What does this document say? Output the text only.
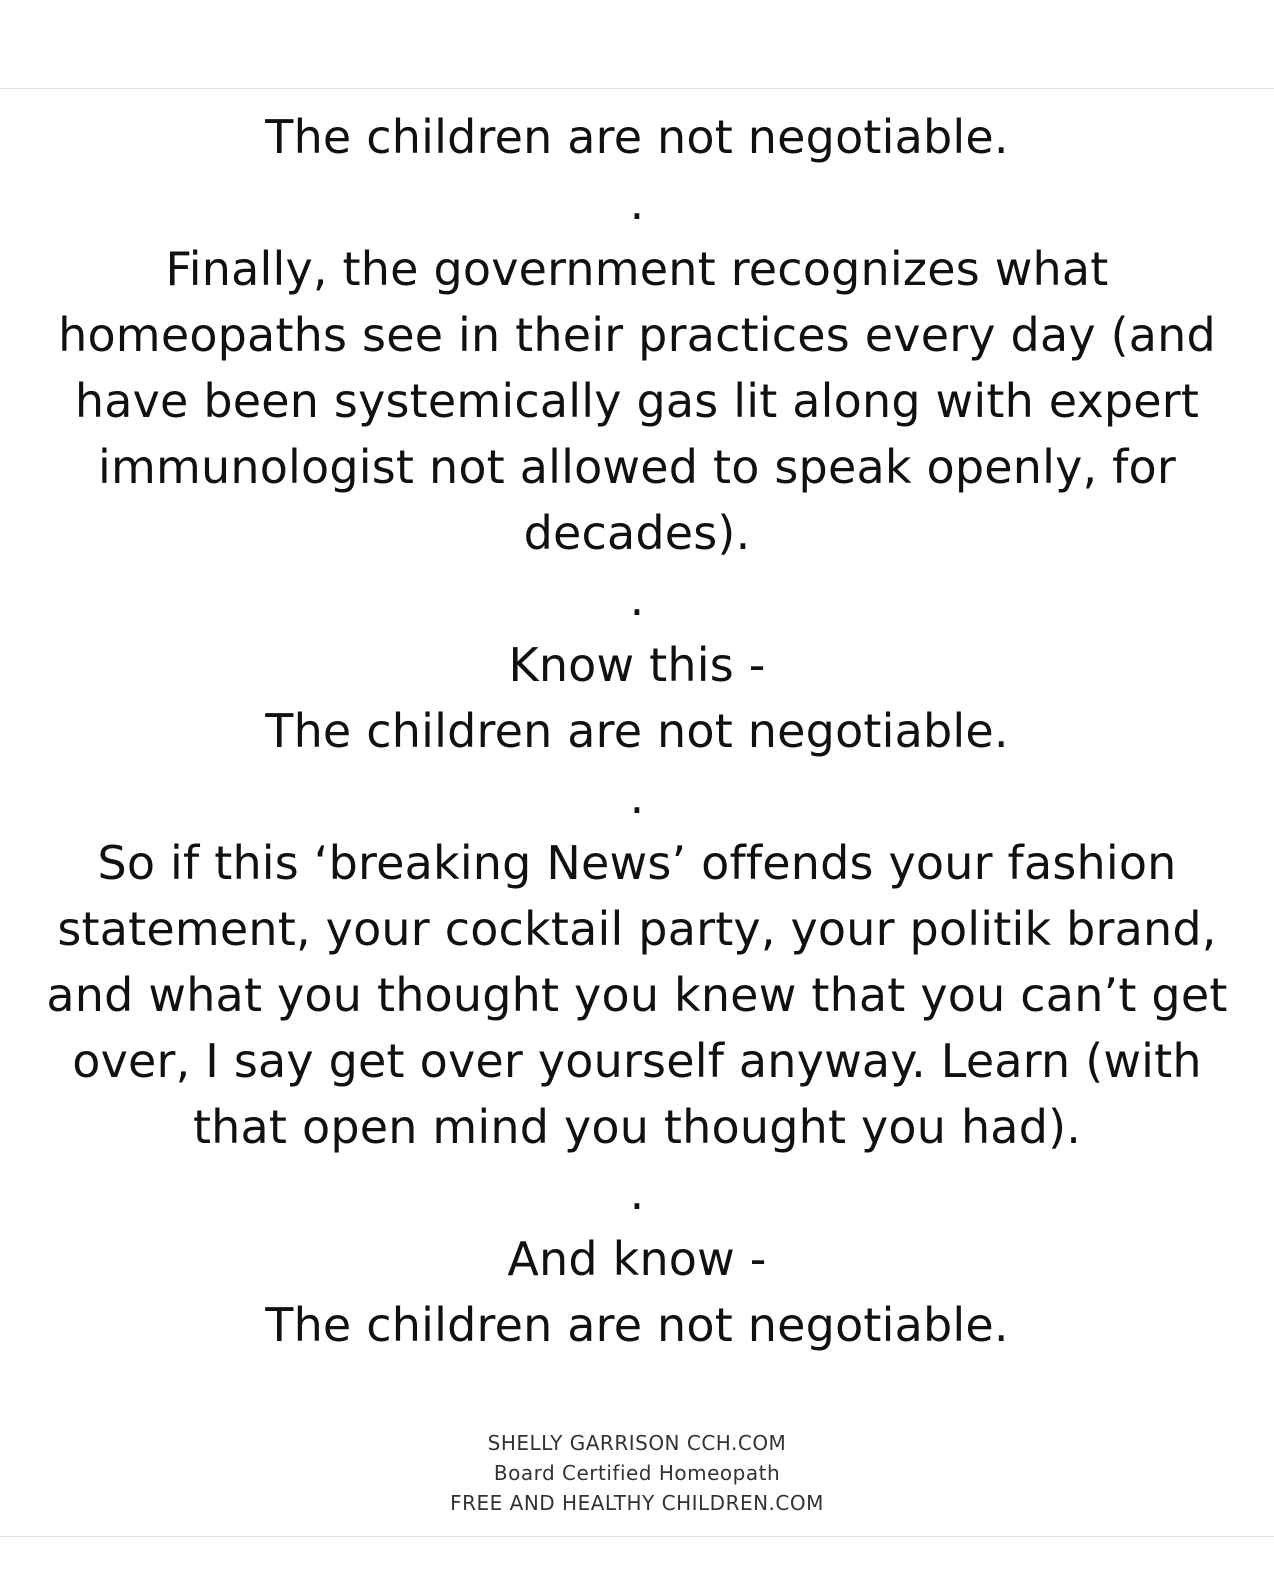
The children are not negotiable.

.

Finally, the government recognizes what homeopaths see in their practices every day (and have been systemically gas lit along with expert immunologist not allowed to speak openly, for decades).

.

Know this -

The children are not negotiable.

.

So if this ‘breaking News’ offends your fashion statement, your cocktail party, your politik brand, and what you thought you knew that you can’t get over, I say get over yourself anyway. Learn (with that open mind you thought you had).

.

And know -

The children are not negotiable.

SHELLY GARRISON CCH.COM
Board Certified Homeopath
FREE AND HEALTHY CHILDREN.COM
